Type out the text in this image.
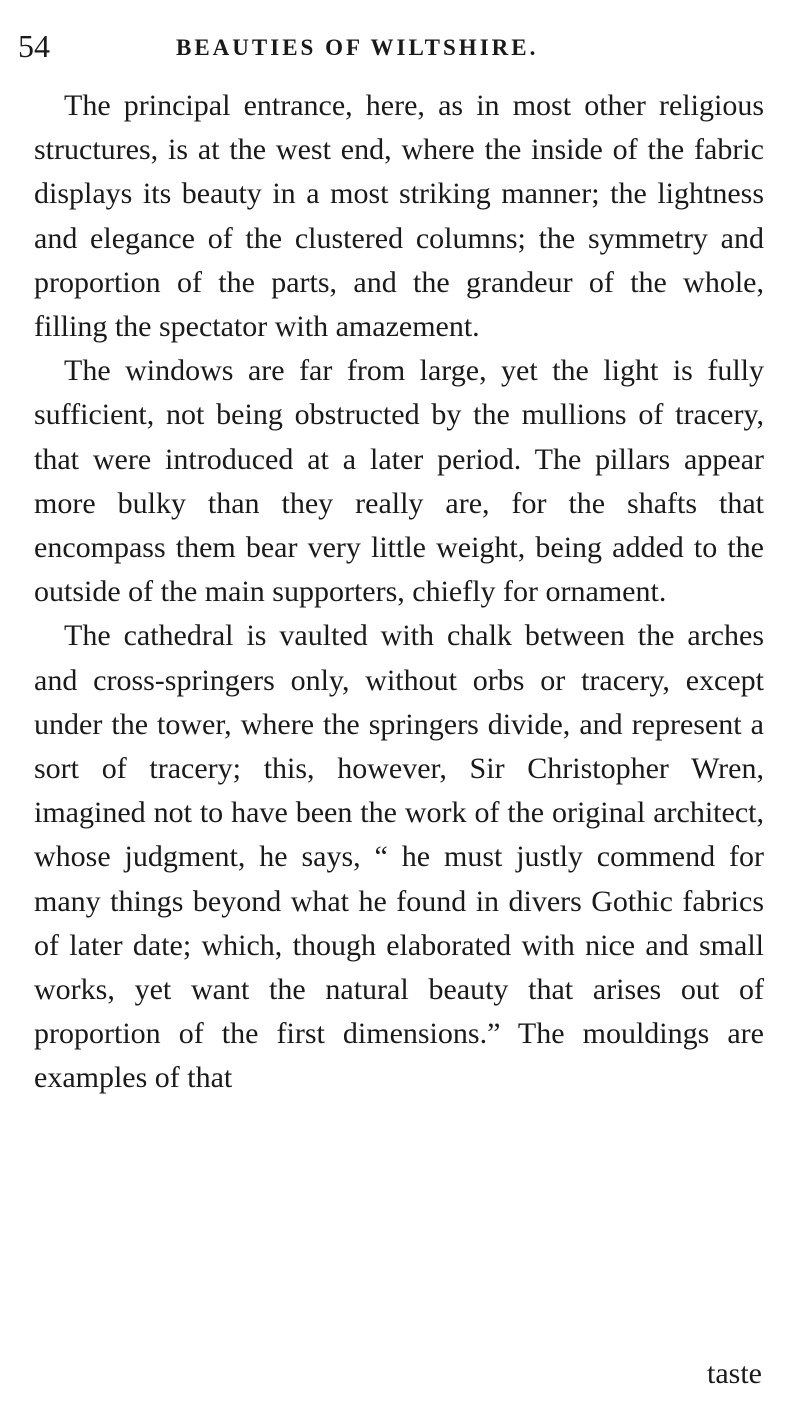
54	BEAUTIES OF WILTSHIRE.

The principal entrance, here, as in most other religious structures, is at the west end, where the inside of the fabric displays its beauty in a most striking manner; the lightness and elegance of the clustered columns; the symmetry and proportion of the parts, and the grandeur of the whole, filling the spectator with amazement.

The windows are far from large, yet the light is fully sufficient, not being obstructed by the mullions of tracery, that were introduced at a later period. The pillars appear more bulky than they really are, for the shafts that encompass them bear very little weight, being added to the outside of the main supporters, chiefly for ornament.

The cathedral is vaulted with chalk between the arches and cross-springers only, without orbs or tracery, except under the tower, where the springers divide, and represent a sort of tracery; this, however, Sir Christopher Wren, imagined not to have been the work of the original architect, whose judgment, he says, “ he must justly commend for many things beyond what he found in divers Gothic fabrics of later date; which, though elaborated with nice and small works, yet want the natural beauty that arises out of proportion of the first dimensions.” The mouldings are examples of that

taste
